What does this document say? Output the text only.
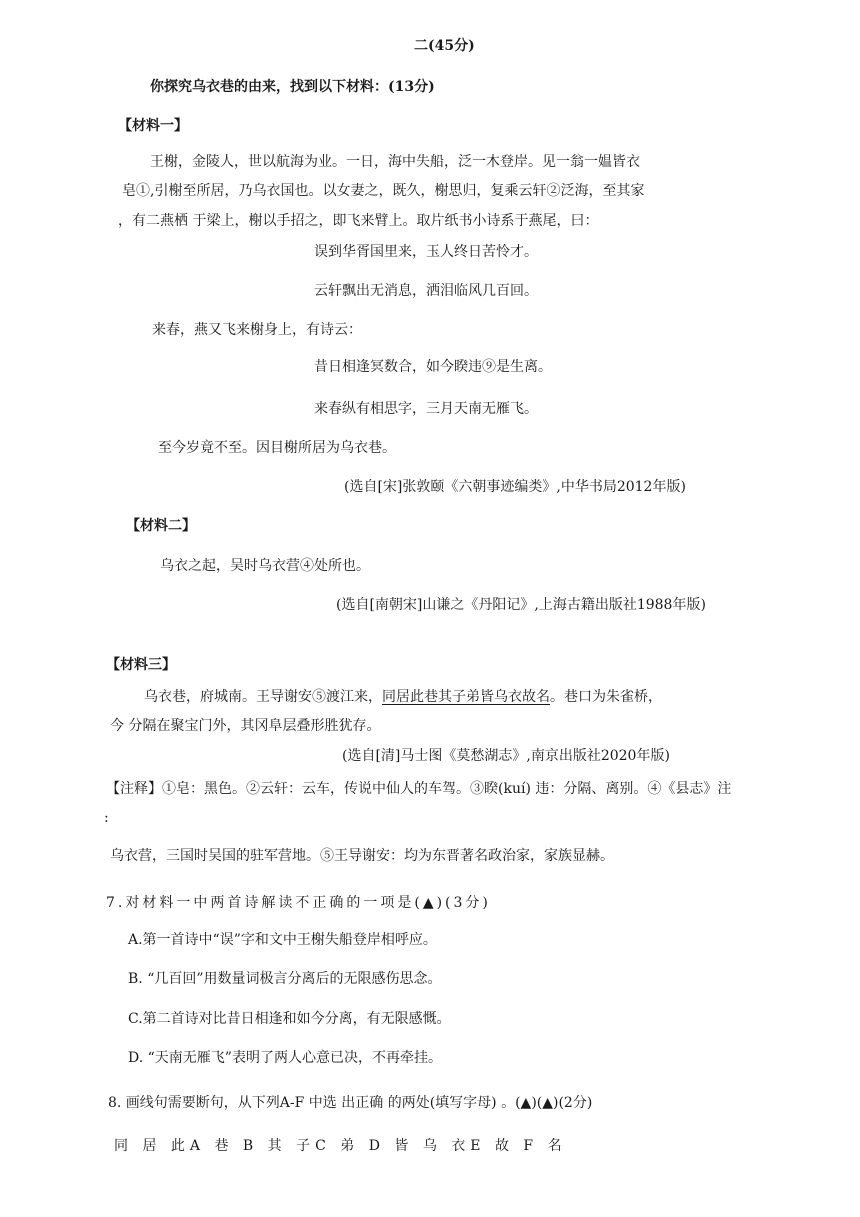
二(45分)
你探究乌衣巷的由来，找到以下材料：(13分)
【材料一】
王榭，金陵人，世以航海为业。一日，海中失船，泛一木登岸。见一翁一媪皆衣
皂①,引榭至所居，乃乌衣国也。以女妻之，既久，榭思归，复乘云轩②泛海，至其家
，有二燕栖 于梁上，榭以手招之，即飞来臂上。取片纸书小诗系于燕尾，曰：
误到华胥国里来，玉人终日苦怜才。
云轩飘出无消息，洒泪临风几百回。
来春，燕又飞来榭身上，有诗云：
昔日相逢冥数合，如今睽违⑨是生离。
来春纵有相思字，三月天南无雁飞。
至今岁竟不至。因目榭所居为乌衣巷。
(选自[宋]张敦颐《六朝事迹编类》,中华书局2012年版)
【材料二】
乌衣之起，吴时乌衣营④处所也。
(选自[南朝宋]山谦之《丹阳记》,上海古籍出版社1988年版)
【材料三】
乌衣巷，府城南。王导谢安⑤渡江来，同居此巷其子弟皆乌衣故名。巷口为朱雀桥，
今 分隔在聚宝门外，其冈阜层叠形胜犹存。
(选自[清]马士图《莫愁湖志》,南京出版社2020年版)
【注释】①皂：黑色。②云轩：云车，传说中仙人的车驾。③睽(kuí) 违：分隔、离别。④《县志》注
:
乌衣营，三国时吴国的驻军营地。⑤王导谢安：均为东晋著名政治家，家族显赫。
7.对材料一中两首诗解读不正确的一项是(▲)(3分)
A.第一首诗中“误”字和文中王榭失船登岸相呼应。
B. “几百回”用数量词极言分离后的无限感伤思念。
C.第二首诗对比昔日相逢和如今分离，有无限感慨。
D. “天南无雁飞”表明了两人心意已决，不再牵挂。
8. 画线句需要断句，从下列A-F 中选 出正确 的两处(填写字母) 。(▲)(▲)(2分)
同 居 此A 巷 B 其 子C 弟 D 皆 乌 衣E 故 F 名
